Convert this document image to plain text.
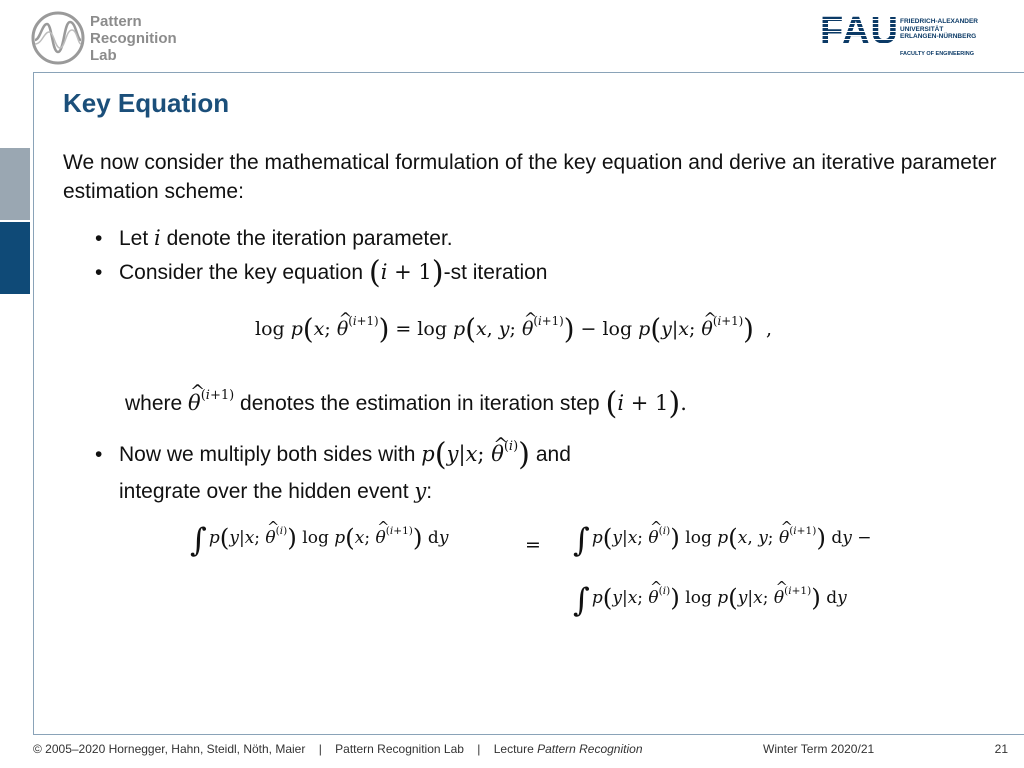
Pattern
Recognition
Lab
FAU FRIEDRICH-ALEXANDER
UNIVERSITÄT
ERLANGEN-NÜRNBERG
FACULTY OF ENGINEERING
Key Equation
We now consider the mathematical formulation of the key equation and derive an iterative parameter estimation scheme:
• Let i denote the iteration parameter.
• Consider the key equation (i + 1)-st iteration
log p(x; ^ $\theta^{(i+1)}) = \log p(x$, y; ^ $\theta^{(i+1)}) - \log p(y|x$; ^ $\theta^{(i+1)}$)  ,
where ^ $\theta^{(i+1)}$ denotes the estimation in iteration step (i + 1).
• Now we multiply both sides with p(y|x; ^ $\theta^{(i)}$) and
integrate over the hidden event y:
∫ p(y|x; ^ $\theta^{(i)}$) log p(x; ^ $\theta^{(i+1)}$) dy	= ∫ p(y|x; ^ $\theta^{(i)}$) log p(x, y; ^ $\theta^{(i+1)}$) dy −
∫ p(y|x; ^ $\theta^{(i)}$) log p(y|x; ^ $\theta^{(i+1)}$) dy
© 2005–2020 Hornegger, Hahn, Steidl, Nöth, Maier | Pattern Recognition Lab | Lecture Pattern Recognition	Winter Term 2020/21	21
